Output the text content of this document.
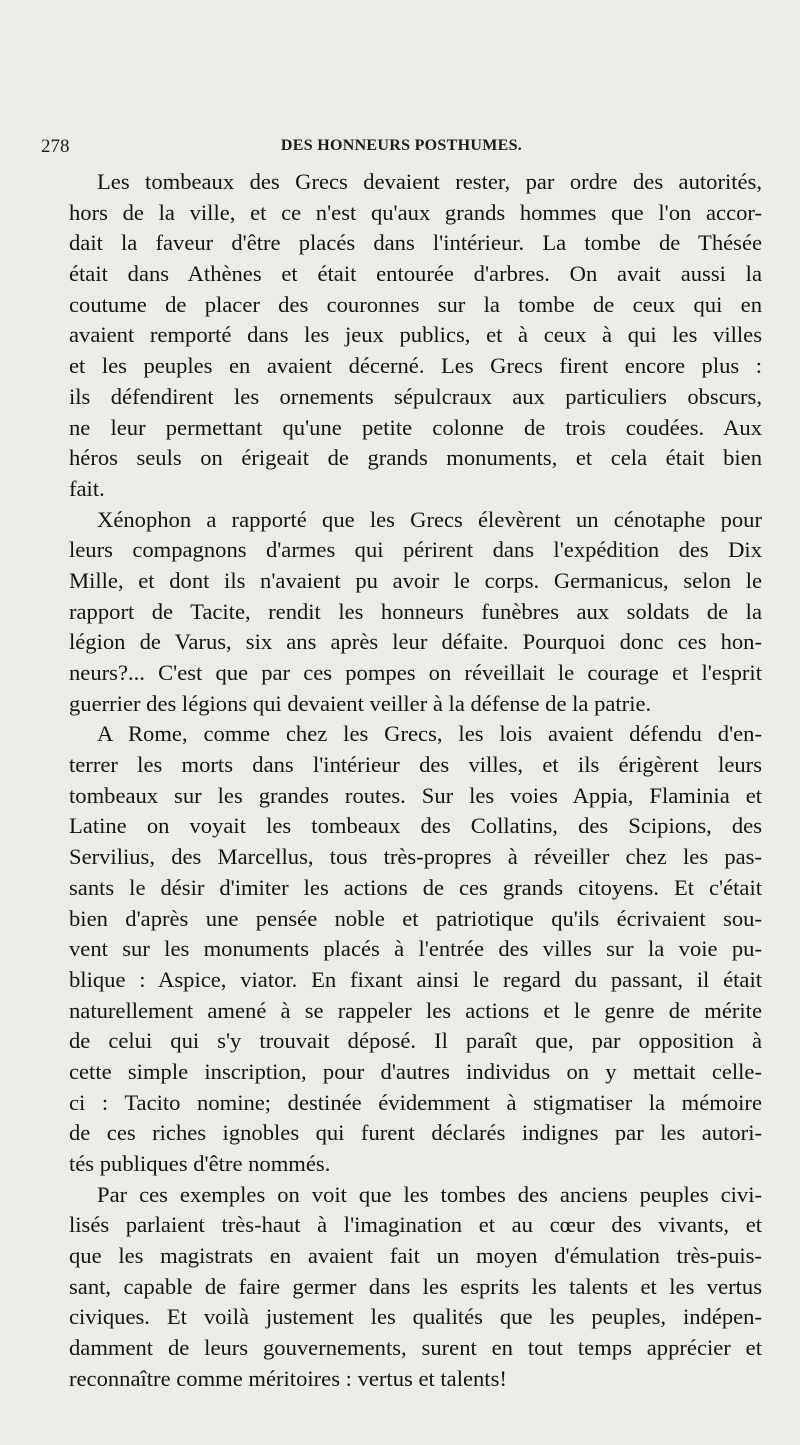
278	DES HONNEURS POSTHUMES.

Les tombeaux des Grecs devaient rester, par ordre des autorités,
hors de la ville, et ce n'est qu'aux grands hommes que l'on accor-
dait la faveur d'être placés dans l'intérieur. La tombe de Thésée
était dans Athènes et était entourée d'arbres. On avait aussi la
coutume de placer des couronnes sur la tombe de ceux qui en
avaient remporté dans les jeux publics, et à ceux à qui les villes
et les peuples en avaient décerné. Les Grecs firent encore plus :
ils défendirent les ornements sépulcraux aux particuliers obscurs,
ne leur permettant qu'une petite colonne de trois coudées. Aux
héros seuls on érigeait de grands monuments, et cela était bien
fait.

Xénophon a rapporté que les Grecs élevèrent un cénotaphe pour
leurs compagnons d'armes qui périrent dans l'expédition des Dix
Mille, et dont ils n'avaient pu avoir le corps. Germanicus, selon le
rapport de Tacite, rendit les honneurs funèbres aux soldats de la
légion de Varus, six ans après leur défaite. Pourquoi donc ces hon-
neurs?... C'est que par ces pompes on réveillait le courage et l'esprit
guerrier des légions qui devaient veiller à la défense de la patrie.

A Rome, comme chez les Grecs, les lois avaient défendu d'en-
terrer les morts dans l'intérieur des villes, et ils érigèrent leurs
tombeaux sur les grandes routes. Sur les voies Appia, Flaminia et
Latine on voyait les tombeaux des Collatins, des Scipions, des
Servilius, des Marcellus, tous très-propres à réveiller chez les pas-
sants le désir d'imiter les actions de ces grands citoyens. Et c'était
bien d'après une pensée noble et patriotique qu'ils écrivaient sou-
vent sur les monuments placés à l'entrée des villes sur la voie pu-
blique : Aspice, viator. En fixant ainsi le regard du passant, il était
naturellement amené à se rappeler les actions et le genre de mérite
de celui qui s'y trouvait déposé. Il paraît que, par opposition à
cette simple inscription, pour d'autres individus on y mettait celle-
ci : Tacito nomine; destinée évidemment à stigmatiser la mémoire
de ces riches ignobles qui furent déclarés indignes par les autori-
tés publiques d'être nommés.

Par ces exemples on voit que les tombes des anciens peuples civi-
lisés parlaient très-haut à l'imagination et au cœur des vivants, et
que les magistrats en avaient fait un moyen d'émulation très-puis-
sant, capable de faire germer dans les esprits les talents et les vertus
civiques. Et voilà justement les qualités que les peuples, indépen-
damment de leurs gouvernements, surent en tout temps apprécier et
reconnaître comme méritoires : vertus et talents!
